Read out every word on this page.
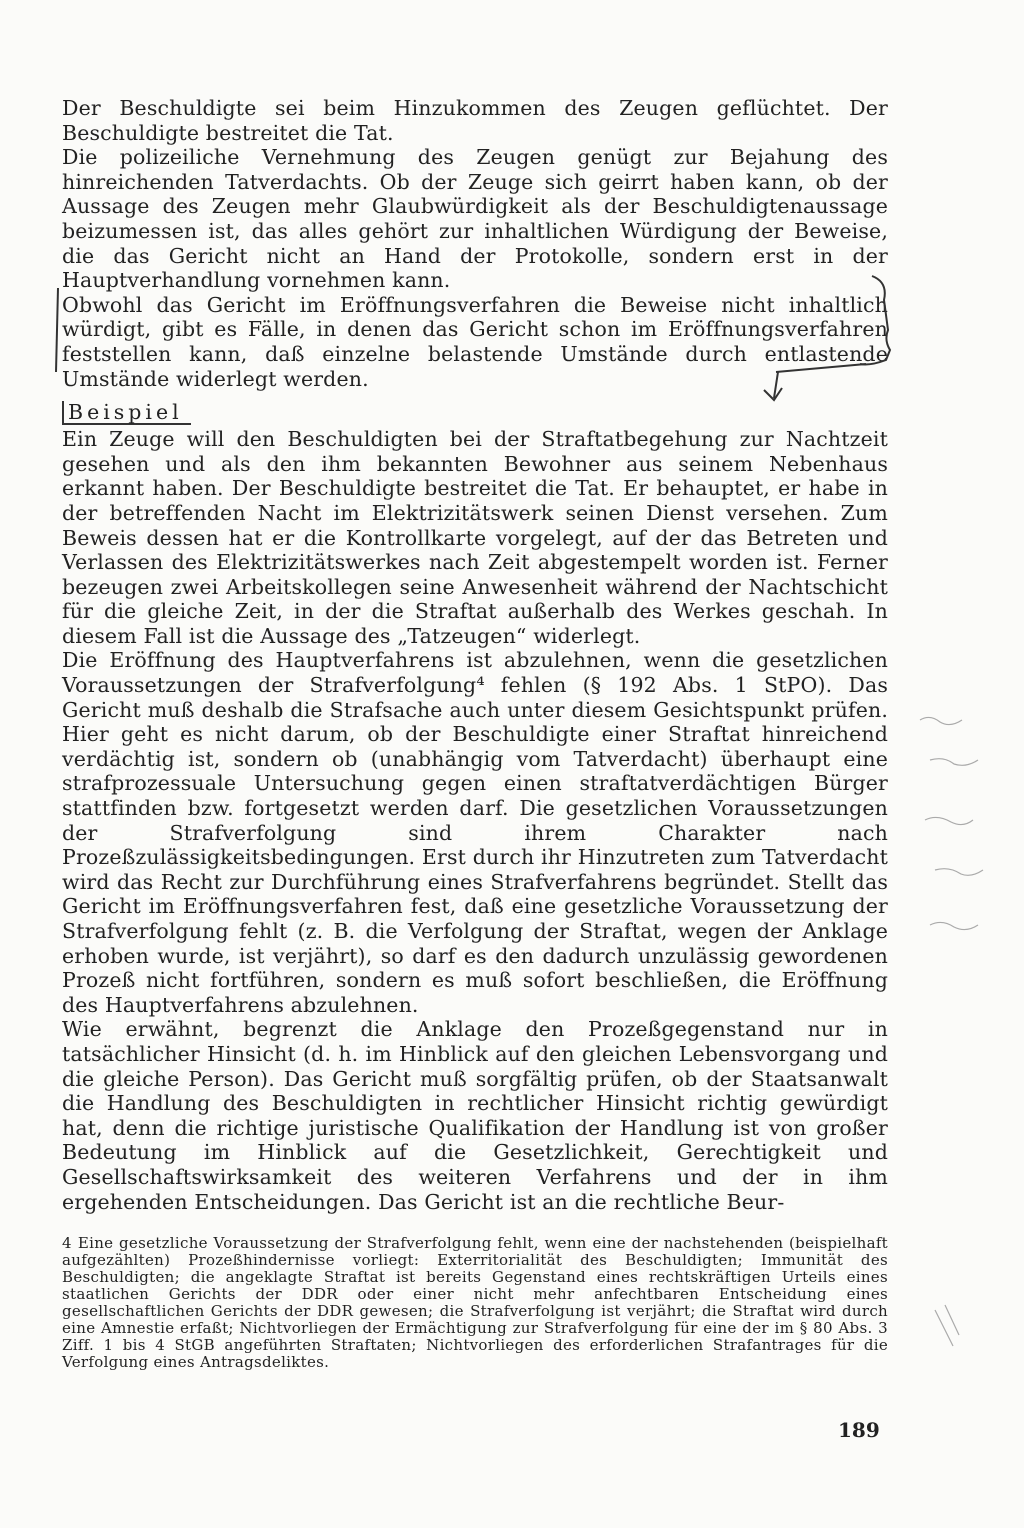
Der Beschuldigte sei beim Hinzukommen des Zeugen geflüchtet. Der Beschuldigte bestreitet die Tat.

Die polizeiliche Vernehmung des Zeugen genügt zur Bejahung des hinreichenden Tatverdachts. Ob der Zeuge sich geirrt haben kann, ob der Aussage des Zeugen mehr Glaubwürdigkeit als der Beschuldigtenaussage beizumessen ist, das alles gehört zur inhaltlichen Würdigung der Beweise, die das Gericht nicht an Hand der Protokolle, sondern erst in der Hauptverhandlung vornehmen kann.

Obwohl das Gericht im Eröffnungsverfahren die Beweise nicht inhaltlich würdigt, gibt es Fälle, in denen das Gericht schon im Eröffnungsverfahren feststellen kann, daß einzelne belastende Umstände durch entlastende Umstände widerlegt werden.

Beispiel

Ein Zeuge will den Beschuldigten bei der Straftatbegehung zur Nachtzeit gesehen und als den ihm bekannten Bewohner aus seinem Nebenhaus erkannt haben. Der Beschuldigte bestreitet die Tat. Er behauptet, er habe in der betreffenden Nacht im Elektrizitätswerk seinen Dienst versehen. Zum Beweis dessen hat er die Kontrollkarte vorgelegt, auf der das Betreten und Verlassen des Elektrizitätswerkes nach Zeit abgestempelt worden ist. Ferner bezeugen zwei Arbeitskollegen seine Anwesenheit während der Nachtschicht für die gleiche Zeit, in der die Straftat außerhalb des Werkes geschah. In diesem Fall ist die Aussage des „Tatzeugen“ widerlegt.

Die Eröffnung des Hauptverfahrens ist abzulehnen, wenn die gesetzlichen Voraussetzungen der Strafverfolgung⁴ fehlen (§ 192 Abs. 1 StPO). Das Gericht muß deshalb die Strafsache auch unter diesem Gesichtspunkt prüfen. Hier geht es nicht darum, ob der Beschuldigte einer Straftat hinreichend verdächtig ist, sondern ob (unabhängig vom Tatverdacht) überhaupt eine strafprozessuale Untersuchung gegen einen straftatverdächtigen Bürger stattfinden bzw. fortgesetzt werden darf. Die gesetzlichen Voraussetzungen der Strafverfolgung sind ihrem Charakter nach Prozeßzulässigkeitsbedingungen. Erst durch ihr Hinzutreten zum Tatverdacht wird das Recht zur Durchführung eines Strafverfahrens begründet. Stellt das Gericht im Eröffnungsverfahren fest, daß eine gesetzliche Voraussetzung der Strafverfolgung fehlt (z. B. die Verfolgung der Straftat, wegen der Anklage erhoben wurde, ist verjährt), so darf es den dadurch unzulässig gewordenen Prozeß nicht fortführen, sondern es muß sofort beschließen, die Eröffnung des Hauptverfahrens abzulehnen.

Wie erwähnt, begrenzt die Anklage den Prozeßgegenstand nur in tatsächlicher Hinsicht (d. h. im Hinblick auf den gleichen Lebensvorgang und die gleiche Person). Das Gericht muß sorgfältig prüfen, ob der Staatsanwalt die Handlung des Beschuldigten in rechtlicher Hinsicht richtig gewürdigt hat, denn die richtige juristische Qualifikation der Handlung ist von großer Bedeutung im Hinblick auf die Gesetzlichkeit, Gerechtigkeit und Gesellschaftswirksamkeit des weiteren Verfahrens und der in ihm ergehenden Entscheidungen. Das Gericht ist an die rechtliche Beur-

4 Eine gesetzliche Voraussetzung der Strafverfolgung fehlt, wenn eine der nachstehenden (beispielhaft aufgezählten) Prozeßhindernisse vorliegt: Exterritorialität des Beschuldigten; Immunität des Beschuldigten; die angeklagte Straftat ist bereits Gegenstand eines rechtskräftigen Urteils eines staatlichen Gerichts der DDR oder einer nicht mehr anfechtbaren Entscheidung eines gesellschaftlichen Gerichts der DDR gewesen; die Strafverfolgung ist verjährt; die Straftat wird durch eine Amnestie erfaßt; Nichtvorliegen der Ermächtigung zur Strafverfolgung für eine der im § 80 Abs. 3 Ziff. 1 bis 4 StGB angeführten Straftaten; Nichtvorliegen des erforderlichen Strafantrages für die Verfolgung eines Antragsdeliktes.
189
